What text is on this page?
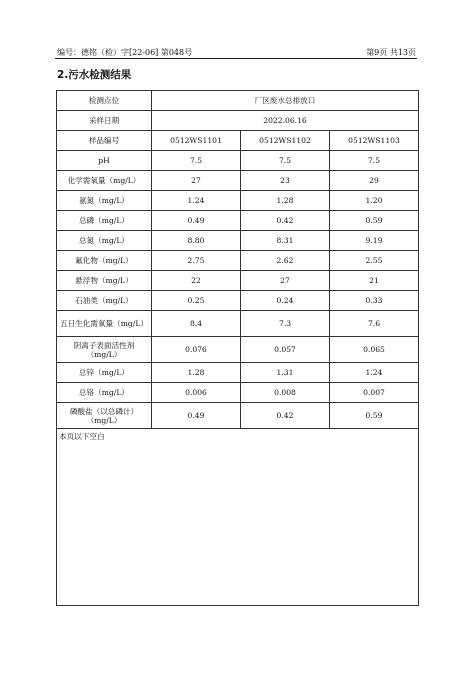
编号：德铭（检）字[22-06] 第048号	第9页 共13页
2.污水检测结果
检测点位	厂区废水总排放口		
采样日期	2022.06.16		
样品编号	0512WS1101	0512WS1102	0512WS1103
pH	7.5	7.5	7.5
化学需氧量（mg/L）	27	23	29
氨氮（mg/L）	1.24	1.28	1.20
总磷（mg/L）	0.49	0.42	0.59
总氮（mg/L）	8.80	8.31	9.19
氟化物（mg/L）	2.75	2.62	2.55
悬浮物（mg/L）	22	27	21
石油类（mg/L）	0.25	0.24	0.33
五日生化需氧量（mg/L）	8.4	7.3	7.6
阴离子表面活性剂（mg/L）	0.076	0.057	0.065
总锌（mg/L）	1.28	1.31	1.24
总铬（mg/L）	0.006	0.008	0.007
磷酸盐（以总磷计）（mg/L）	0.49	0.42	0.59
本页以下空白			
